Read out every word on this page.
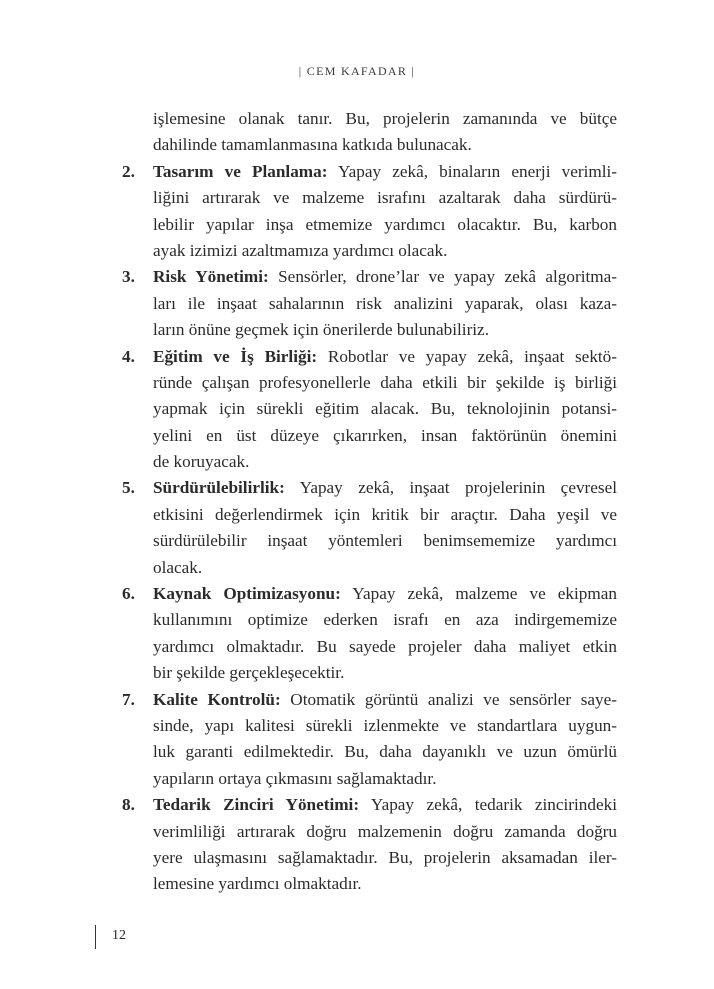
| CEM KAFADAR |
işlemesine olanak tanır. Bu, projelerin zamanında ve bütçe
dahilinde tamamlanmasına katkıda bulunacak.
2. Tasarım ve Planlama: Yapay zekâ, binaların enerji verimli-
liğini artırarak ve malzeme israfını azaltarak daha sürdürü-
lebilir yapılar inşa etmemize yardımcı olacaktır. Bu, karbon
ayak izimizi azaltmamıza yardımcı olacak.
3. Risk Yönetimi: Sensörler, drone’lar ve yapay zekâ algoritma-
ları ile inşaat sahalarının risk analizini yaparak, olası kaza-
ların önüne geçmek için önerilerde bulunabiliriz.
4. Eğitim ve İş Birliği: Robotlar ve yapay zekâ, inşaat sektö-
ründe çalışan profesyonellerle daha etkili bir şekilde iş birliği
yapmak için sürekli eğitim alacak. Bu, teknolojinin potansi-
yelini en üst düzeye çıkarırken, insan faktörünün önemini
de koruyacak.
5. Sürdürülebilirlik: Yapay zekâ, inşaat projelerinin çevresel
etkisini değerlendirmek için kritik bir araçtır. Daha yeşil ve
sürdürülebilir inşaat yöntemleri benimsememize yardımcı
olacak.
6. Kaynak Optimizasyonu: Yapay zekâ, malzeme ve ekipman
kullanımını optimize ederken israfı en aza indirgememize
yardımcı olmaktadır. Bu sayede projeler daha maliyet etkin
bir şekilde gerçekleşecektir.
7. Kalite Kontrolü: Otomatik görüntü analizi ve sensörler saye-
sinde, yapı kalitesi sürekli izlenmekte ve standartlara uygun-
luk garanti edilmektedir. Bu, daha dayanıklı ve uzun ömürlü
yapıların ortaya çıkmasını sağlamaktadır.
8. Tedarik Zinciri Yönetimi: Yapay zekâ, tedarik zincirindeki
verimliliği artırarak doğru malzemenin doğru zamanda doğru
yere ulaşmasını sağlamaktadır. Bu, projelerin aksamadan iler-
lemesine yardımcı olmaktadır.
12
